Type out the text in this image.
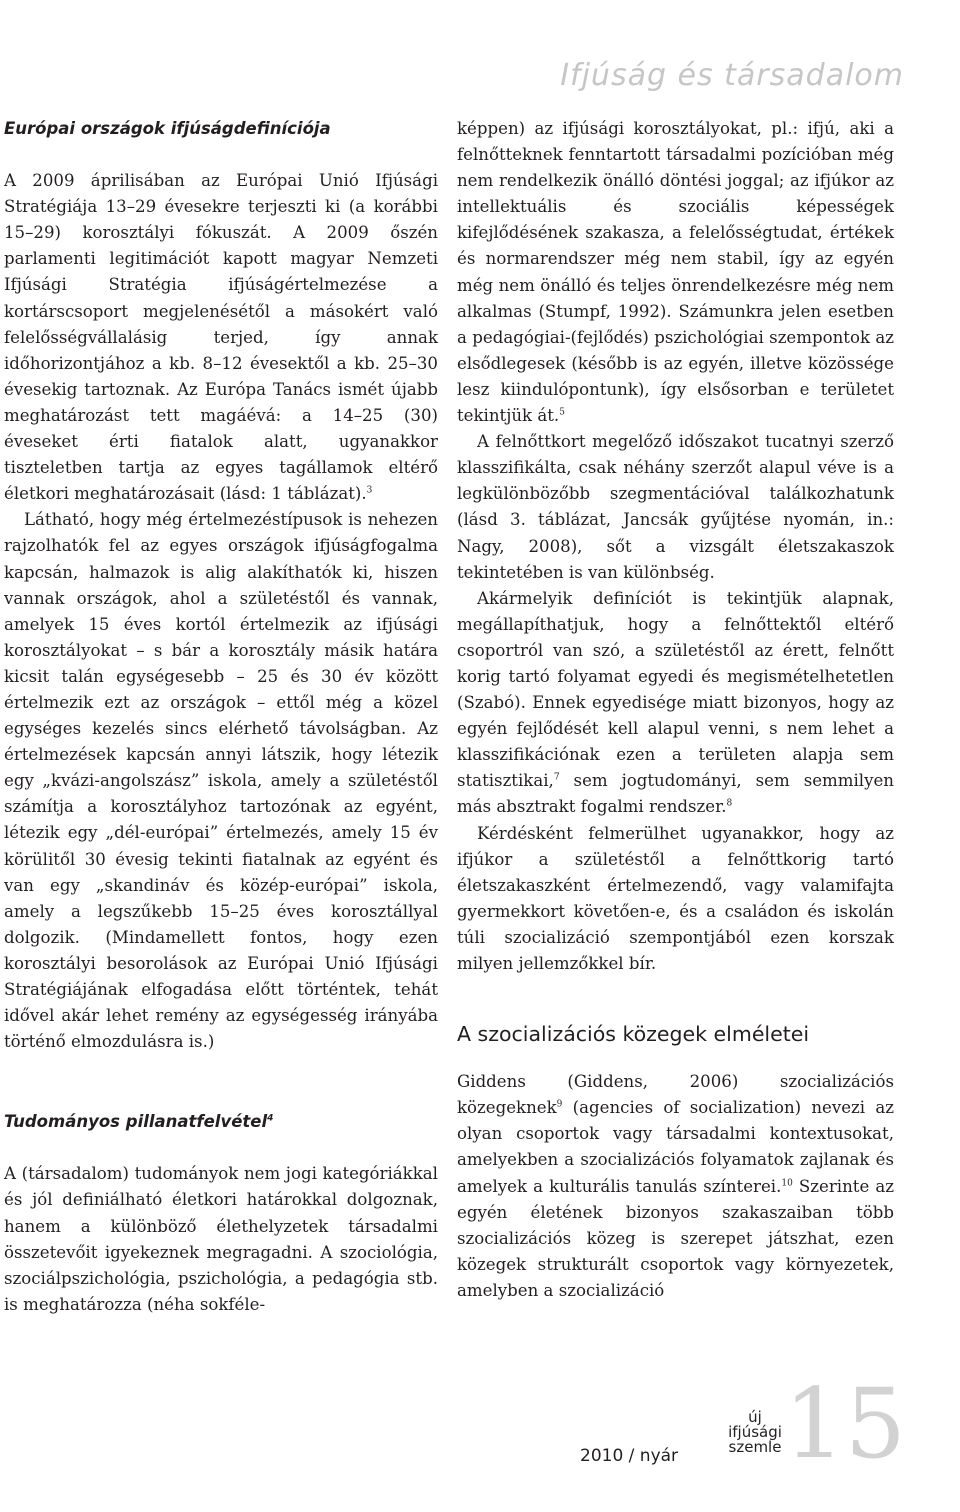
Ifjúság és társadalom
Európai országok ifjúságdefiníciója

A 2009 áprilisában az Európai Unió Ifjúsági Stratégiája 13–29 évesekre terjeszti ki (a korábbi 15–29) korosztályi fókuszát. A 2009 őszén parlamenti legitimációt kapott magyar Nemzeti Ifjúsági Stratégia ifjúságértelmezése a kortárscsoport megjelenésétől a másokért való felelősségvállalásig terjed, így annak időhorizontjához a kb. 8–12 évesektől a kb. 25–30 évesekig tartoznak. Az Európa Tanács ismét újabb meghatározást tett magáévá: a 14–25 (30) éveseket érti fiatalok alatt, ugyanakkor tiszteletben tartja az egyes tagállamok eltérő életkori meghatározásait (lásd: 1 táblázat).$^3$

Látható, hogy még értelmezéstípusok is nehezen rajzolhatók fel az egyes országok ifjúságfogalma kapcsán, halmazok is alig alakíthatók ki, hiszen vannak országok, ahol a születéstől és vannak, amelyek 15 éves kortól értelmezik az ifjúsági korosztályokat – s bár a korosztály másik határa kicsit talán egységesebb – 25 és 30 év között értelmezik ezt az országok – ettől még a közel egységes kezelés sincs elérhető távolságban. Az értelmezések kapcsán annyi látszik, hogy létezik egy „kvázi-angolszász” iskola, amely a születéstől számítja a korosztályhoz tartozónak az egyént, létezik egy „dél-európai” értelmezés, amely 15 év körülitől 30 évesig tekinti fiatalnak az egyént és van egy „skandináv és közép-európai” iskola, amely a legszűkebb 15–25 éves korosztállyal dolgozik. (Mindamellett fontos, hogy ezen korosztályi besorolások az Európai Unió Ifjúsági Stratégiájának elfogadása előtt történtek, tehát idővel akár lehet remény az egységesség irányába történő elmozdulásra is.)

Tudományos pillanatfelvétel$^4$

A (társadalom) tudományok nem jogi kategóriákkal és jól definiálható életkori határokkal dolgoznak, hanem a különböző élethelyzetek társadalmi összetevőit igyekeznek megragadni. A szociológia, szociálpszichológia, pszichológia, a pedagógia stb. is meghatározza (néha sokféle-

képpen) az ifjúsági korosztályokat, pl.: ifjú, aki a felnőtteknek fenntartott társadalmi pozícióban még nem rendelkezik önálló döntési joggal; az ifjúkor az intellektuális és szociális képességek kifejlődésének szakasza, a felelősségtudat, értékek és normarendszer még nem stabil, így az egyén még nem önálló és teljes önrendelkezésre még nem alkalmas (Stumpf, 1992). Számunkra jelen esetben a pedagógiai-(fejlődés) pszichológiai szempontok az elsődlegesek (később is az egyén, illetve közössége lesz kiindulópontunk), így elsősorban e területet tekintjük át.$^5$

A felnőttkort megelőző időszakot tucatnyi szerző klasszifikálta, csak néhány szerzőt alapul véve is a legkülönbözőbb szegmentációval találkozhatunk (lásd 3. táblázat, Jancsák gyűjtése nyomán, in.: Nagy, 2008), sőt a vizsgált életszakaszok tekintetében is van különbség.

Akármelyik definíciót is tekintjük alapnak, megállapíthatjuk, hogy a felnőttektől eltérő csoportról van szó, a születéstől az érett, felnőtt korig tartó folyamat egyedi és megismételhetetlen (Szabó). Ennek egyedisége miatt bizonyos, hogy az egyén fejlődését kell alapul venni, s nem lehet a klasszifikációnak ezen a területen alapja sem statisztikai,$^7$ sem jogtudományi, sem semmilyen más absztrakt fogalmi rendszer.$^8$

Kérdésként felmerülhet ugyanakkor, hogy az ifjúkor a születéstől a felnőttkorig tartó életszakaszként értelmezendő, vagy valamifajta gyermekkort követően-e, és a családon és iskolán túli szocializáció szempontjából ezen korszak milyen jellemzőkkel bír.

A szocializációs közegek elméletei

Giddens (Giddens, 2006) szocializációs közegeknek$^9$ (agencies of socialization) nevezi az olyan csoportok vagy társadalmi kontextusokat, amelyekben a szocializációs folyamatok zajlanak és amelyek a kulturális tanulás színterei.$^{10}$ Szerinte az egyén életének bizonyos szakaszaiban több szocializációs közeg is szerepet játszhat, ezen közegek strukturált csoportok vagy környezetek, amelyben a szocializáció

2010 / nyár
új
ifjúsági
szemle 15
